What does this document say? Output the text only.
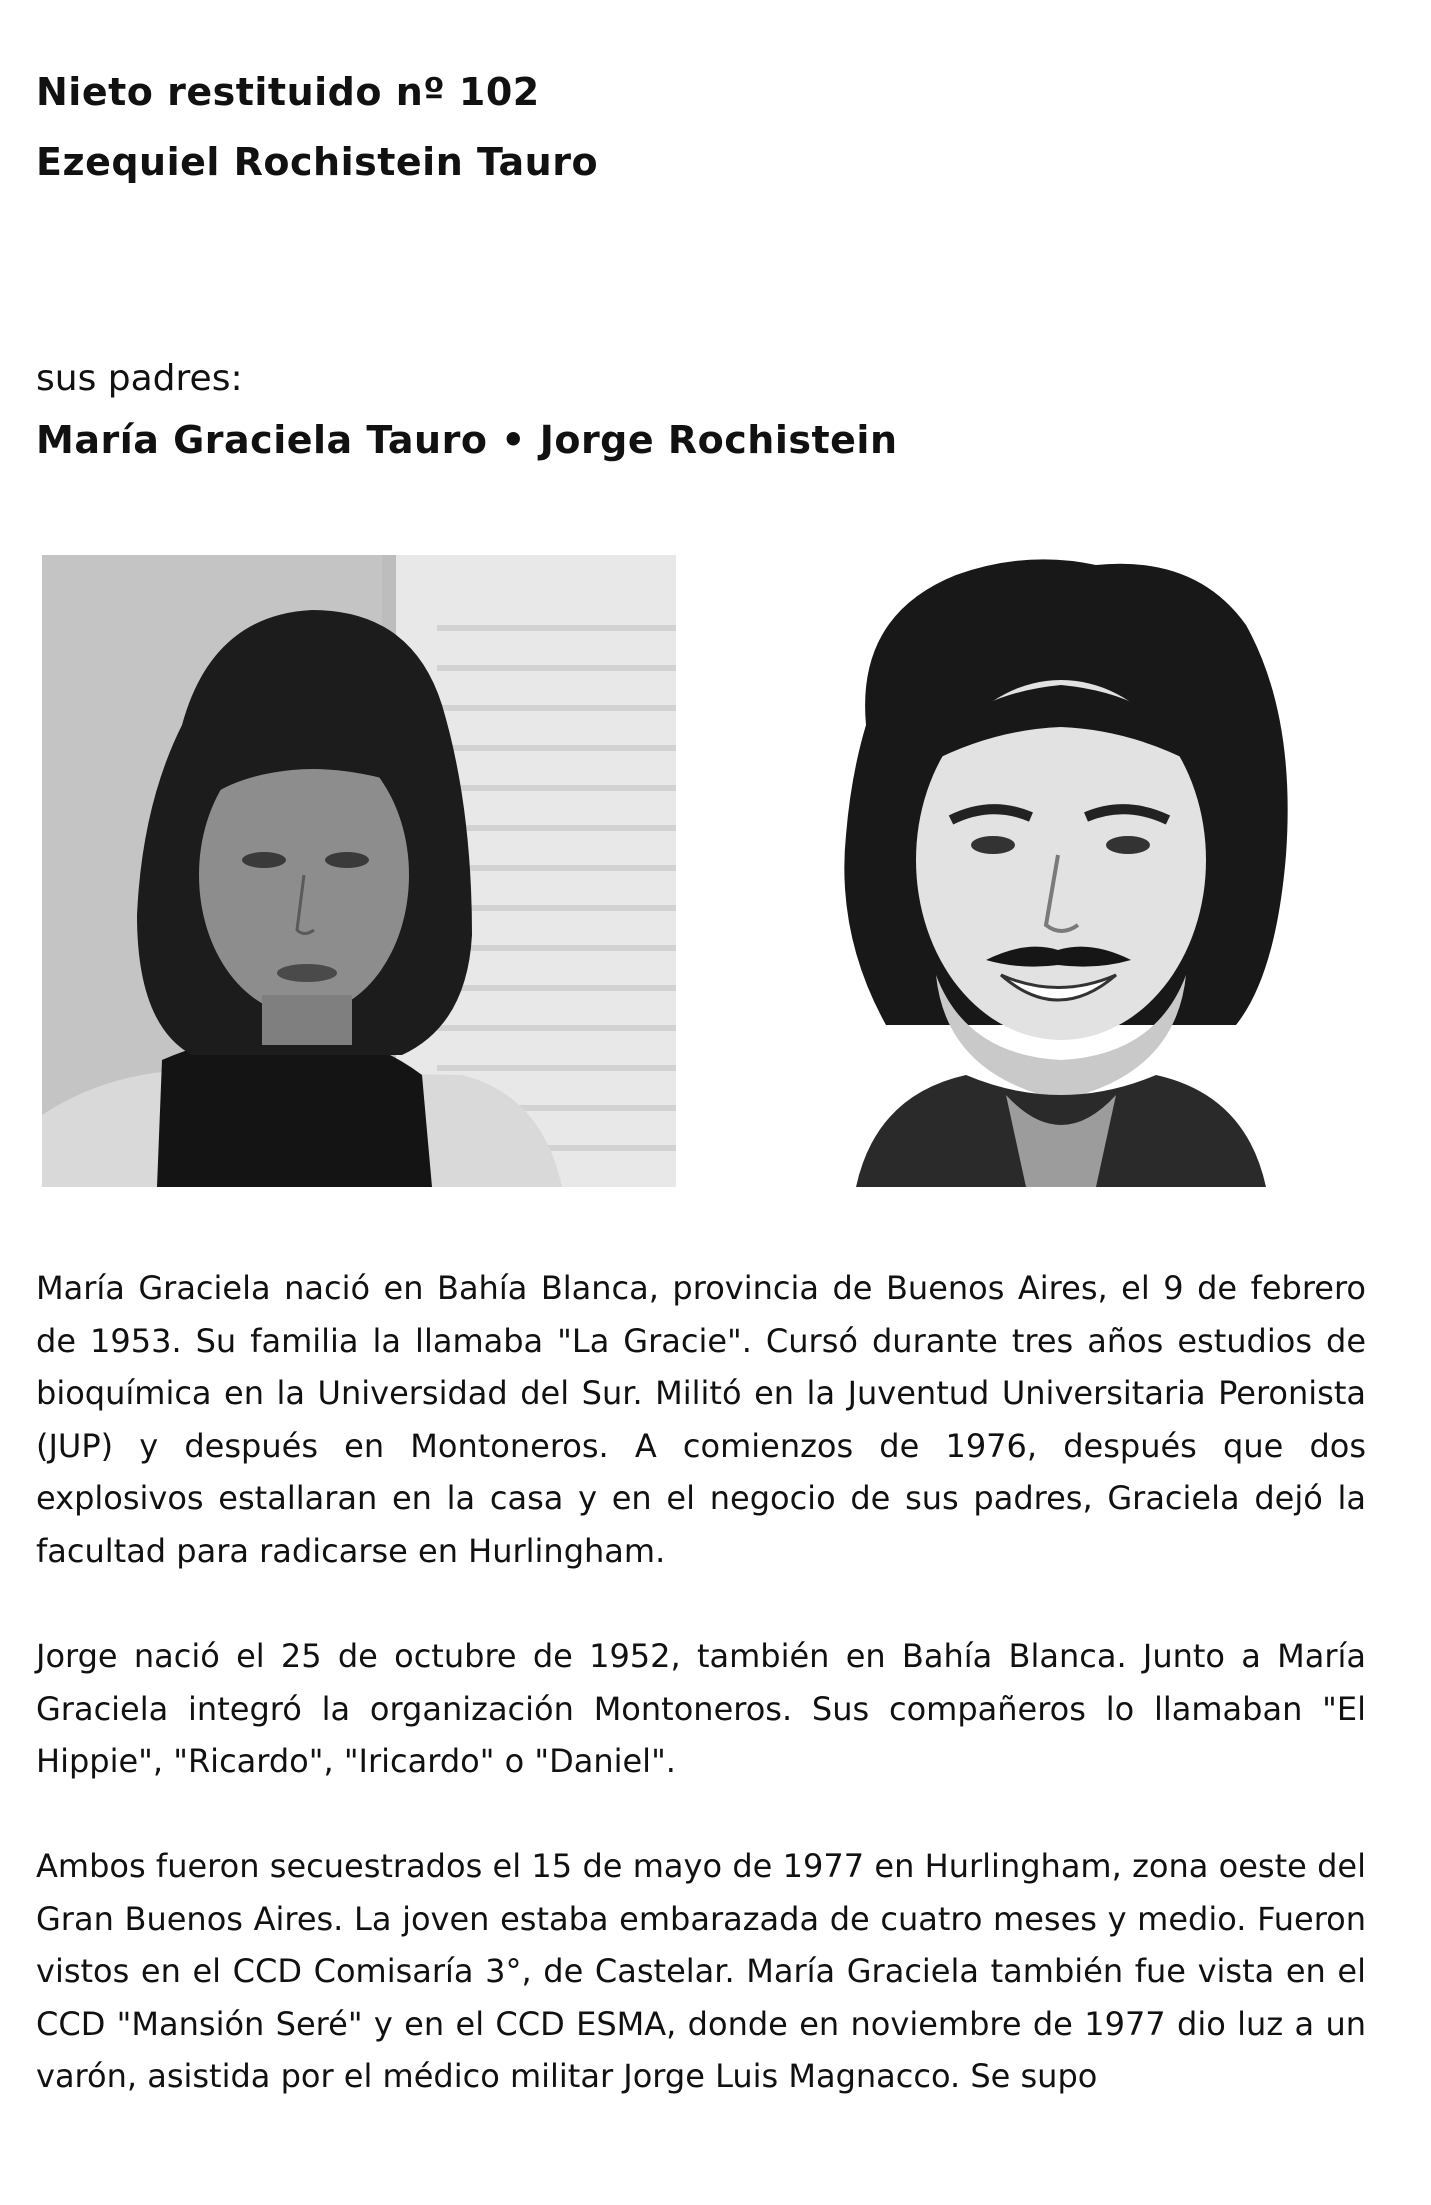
Nieto restituido nº 102
Ezequiel Rochistein Tauro
sus padres:
María Graciela Tauro • Jorge Rochistein
María Graciela nació en Bahía Blanca, provincia de Buenos Aires, el 9 de febrero de 1953. Su familia la llamaba "La Gracie". Cursó durante tres años estudios de bioquímica en la Universidad del Sur. Militó en la Juventud Universitaria Peronista (JUP) y después en Montoneros. A comienzos de 1976, después que dos explosivos estallaran en la casa y en el negocio de sus padres, Graciela dejó la facultad para radicarse en Hurlingham.
Jorge nació el 25 de octubre de 1952, también en Bahía Blanca. Junto a María Graciela integró la organización Montoneros. Sus compañeros lo llamaban "El Hippie", "Ricardo", "Iricardo" o "Daniel".
Ambos fueron secuestrados el 15 de mayo de 1977 en Hurlingham, zona oeste del Gran Buenos Aires. La joven estaba embarazada de cuatro meses y medio. Fueron vistos en el CCD Comisaría 3°, de Castelar. María Graciela también fue vista en el CCD "Mansión Seré" y en el CCD ESMA, donde en noviembre de 1977 dio luz a un varón, asistida por el médico militar Jorge Luis Magnacco. Se supo
